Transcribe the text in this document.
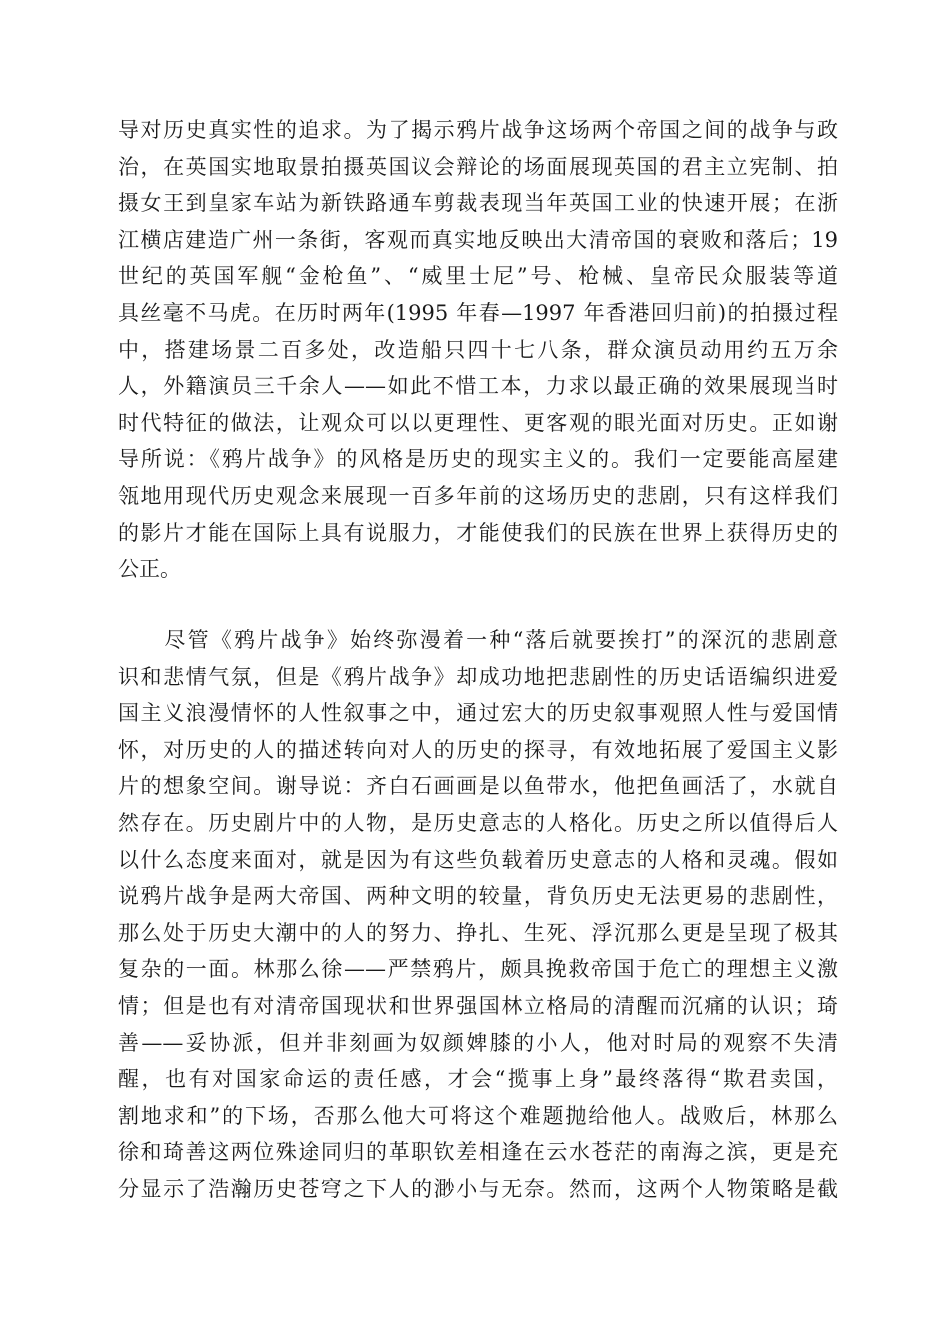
导对历史真实性的追求。为了揭示鸦片战争这场两个帝国之间的战争与政
治，在英国实地取景拍摄英国议会辩论的场面展现英国的君主立宪制、拍
摄女王到皇家车站为新铁路通车剪裁表现当年英国工业的快速开展；在浙
江横店建造广州一条街，客观而真实地反映出大清帝国的衰败和落后；19
世纪的英国军舰“金枪鱼”、“威里士尼”号、枪械、皇帝民众服装等道
具丝毫不马虎。在历时两年(1995 年春—1997 年香港回归前)的拍摄过程
中，搭建场景二百多处，改造船只四十七八条，群众演员动用约五万余
人，外籍演员三千余人——如此不惜工本，力求以最正确的效果展现当时
时代特征的做法，让观众可以以更理性、更客观的眼光面对历史。正如谢
导所说：《鸦片战争》的风格是历史的现实主义的。我们一定要能高屋建
瓴地用现代历史观念来展现一百多年前的这场历史的悲剧，只有这样我们
的影片才能在国际上具有说服力，才能使我们的民族在世界上获得历史的
公正。
　　尽管《鸦片战争》始终弥漫着一种“落后就要挨打”的深沉的悲剧意
识和悲情气氛，但是《鸦片战争》却成功地把悲剧性的历史话语编织进爱
国主义浪漫情怀的人性叙事之中，通过宏大的历史叙事观照人性与爱国情
怀，对历史的人的描述转向对人的历史的探寻，有效地拓展了爱国主义影
片的想象空间。谢导说：齐白石画画是以鱼带水，他把鱼画活了，水就自
然存在。历史剧片中的人物，是历史意志的人格化。历史之所以值得后人
以什么态度来面对，就是因为有这些负载着历史意志的人格和灵魂。假如
说鸦片战争是两大帝国、两种文明的较量，背负历史无法更易的悲剧性，
那么处于历史大潮中的人的努力、挣扎、生死、浮沉那么更是呈现了极其
复杂的一面。林那么徐——严禁鸦片，颇具挽救帝国于危亡的理想主义激
情；但是也有对清帝国现状和世界强国林立格局的清醒而沉痛的认识；琦
善——妥协派，但并非刻画为奴颜婢膝的小人，他对时局的观察不失清
醒，也有对国家命运的责任感，才会“揽事上身”最终落得“欺君卖国，
割地求和”的下场，否那么他大可将这个难题抛给他人。战败后，林那么
徐和琦善这两位殊途同归的革职钦差相逢在云水苍茫的南海之滨，更是充
分显示了浩瀚历史苍穹之下人的渺小与无奈。然而，这两个人物策略是截
